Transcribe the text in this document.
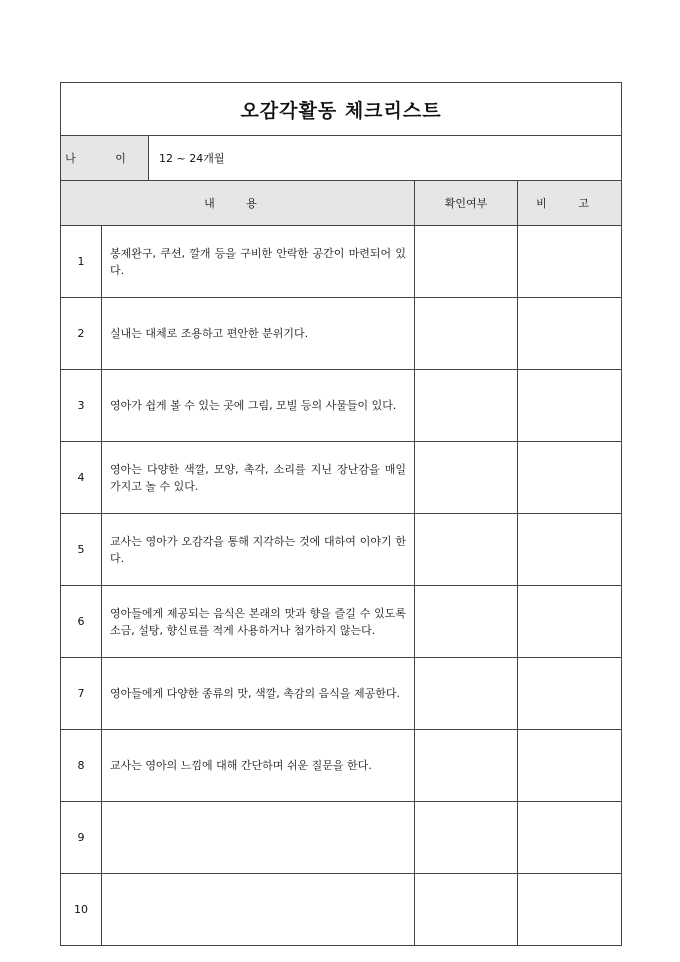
오감각활동 체크리스트				
나 이		12 ~ 24개월		
내 용			확인여부	비 고
1	봉제완구, 쿠션, 깔개 등을 구비한 안락한 공간이 마련되어 있다.			
2	실내는 대체로 조용하고 편안한 분위기다.			
3	영아가 쉽게 볼 수 있는 곳에 그림, 모빌 등의 사물들이 있다.			
4	영아는 다양한 색깔, 모양, 촉각, 소리를 지닌 장난감을 매일 가지고 놀 수 있다.			
5	교사는 영아가 오감각을 통해 지각하는 것에 대하여 이야기 한다.			
6	영아들에게 제공되는 음식은 본래의 맛과 향을 즐길 수 있도록 소금, 설탕, 향신료를 적게 사용하거나 첨가하지 않는다.			
7	영아들에게 다양한 종류의 맛, 색깔, 촉감의 음식을 제공한다.			
8	교사는 영아의 느낌에 대해 간단하며 쉬운 질문을 한다.			
9				
10				
